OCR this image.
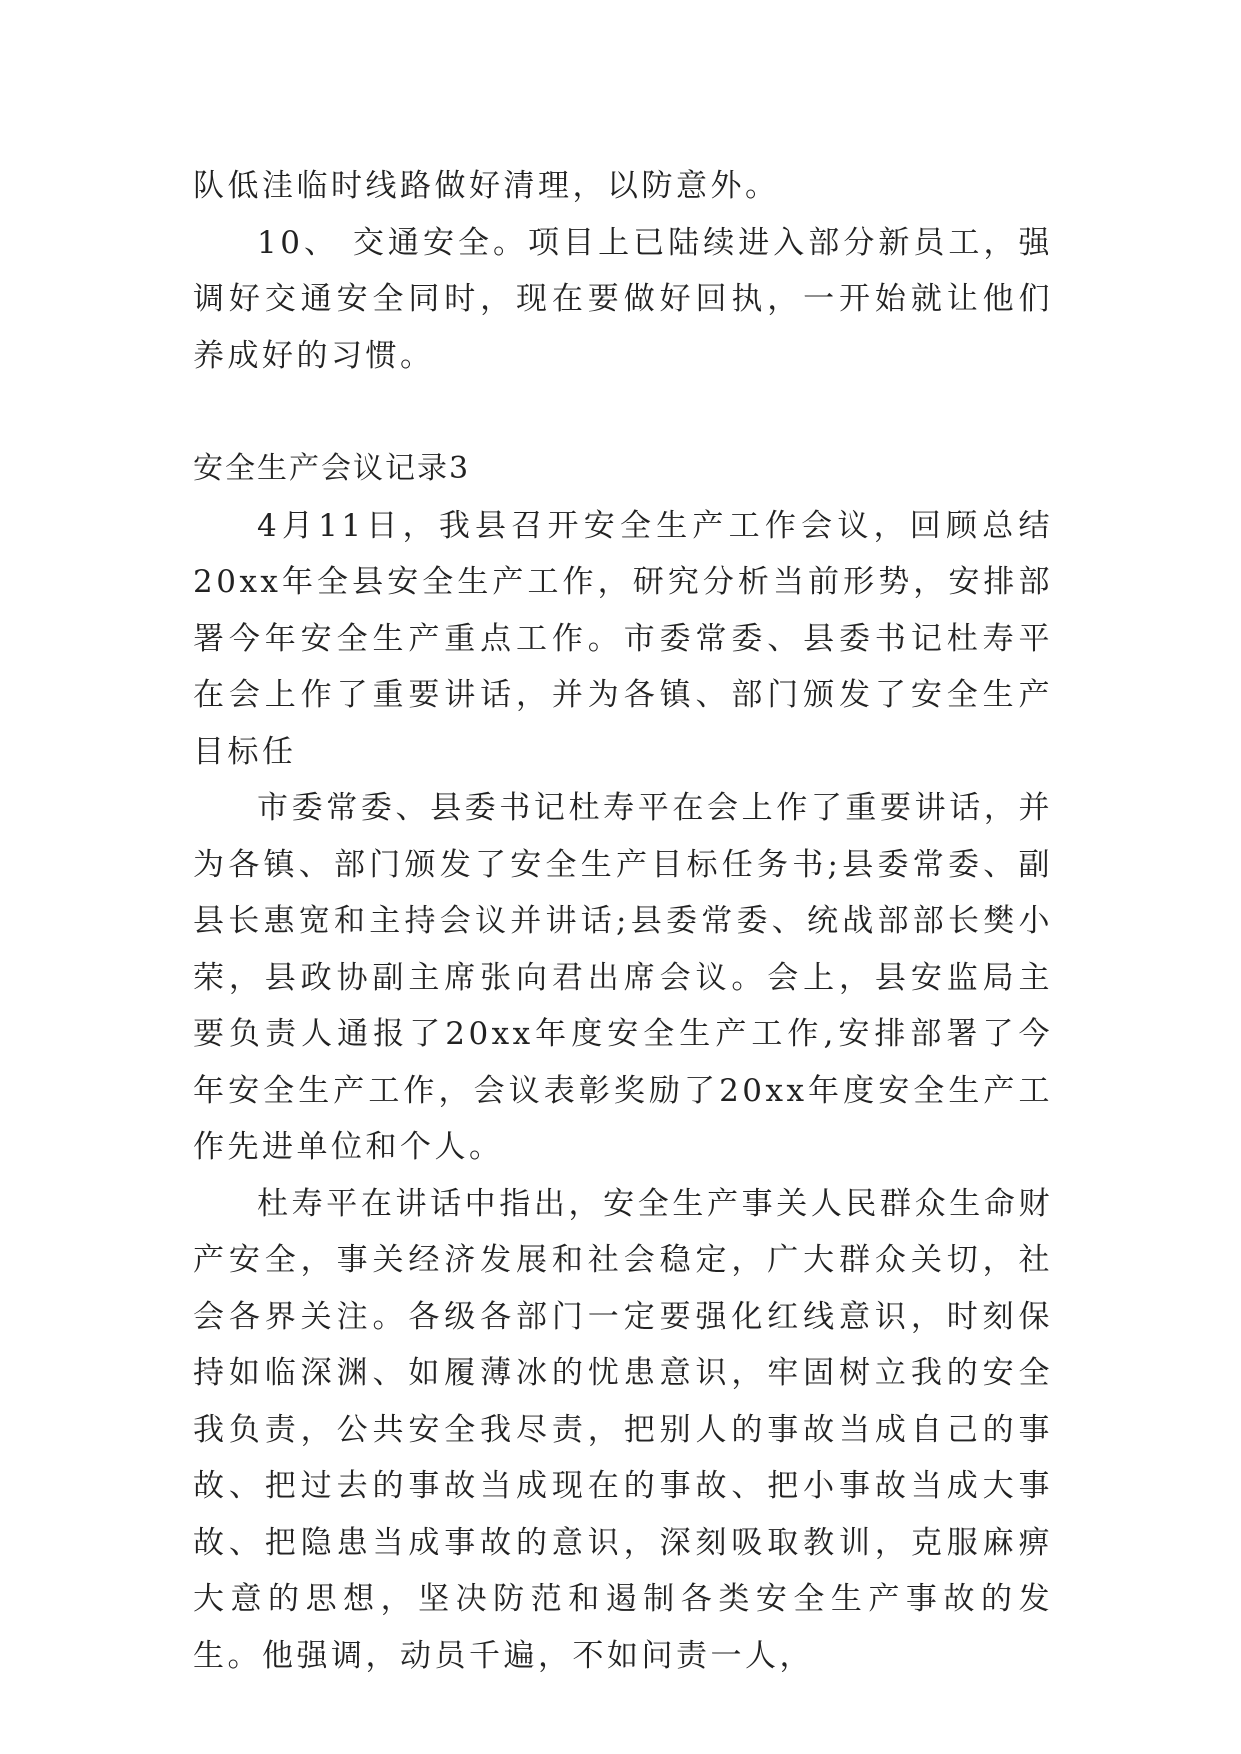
队低洼临时线路做好清理，以防意外。

10、 交通安全。项目上已陆续进入部分新员工，强调好交通安全同时，现在要做好回执，一开始就让他们养成好的习惯。

安全生产会议记录3

4月11日，我县召开安全生产工作会议，回顾总结20xx年全县安全生产工作，研究分析当前形势，安排部署今年安全生产重点工作。市委常委、县委书记杜寿平在会上作了重要讲话，并为各镇、部门颁发了安全生产目标任

市委常委、县委书记杜寿平在会上作了重要讲话，并为各镇、部门颁发了安全生产目标任务书;县委常委、副县长惠宽和主持会议并讲话;县委常委、统战部部长樊小荣，县政协副主席张向君出席会议。会上，县安监局主要负责人通报了20xx年度安全生产工作,安排部署了今年安全生产工作，会议表彰奖励了20xx年度安全生产工作先进单位和个人。

杜寿平在讲话中指出，安全生产事关人民群众生命财产安全，事关经济发展和社会稳定，广大群众关切，社会各界关注。各级各部门一定要强化红线意识，时刻保持如临深渊、如履薄冰的忧患意识，牢固树立我的安全我负责，公共安全我尽责，把别人的事故当成自己的事故、把过去的事故当成现在的事故、把小事故当成大事故、把隐患当成事故的意识，深刻吸取教训，克服麻痹大意的思想，坚决防范和遏制各类安全生产事故的发生。他强调，动员千遍，不如问责一人，
